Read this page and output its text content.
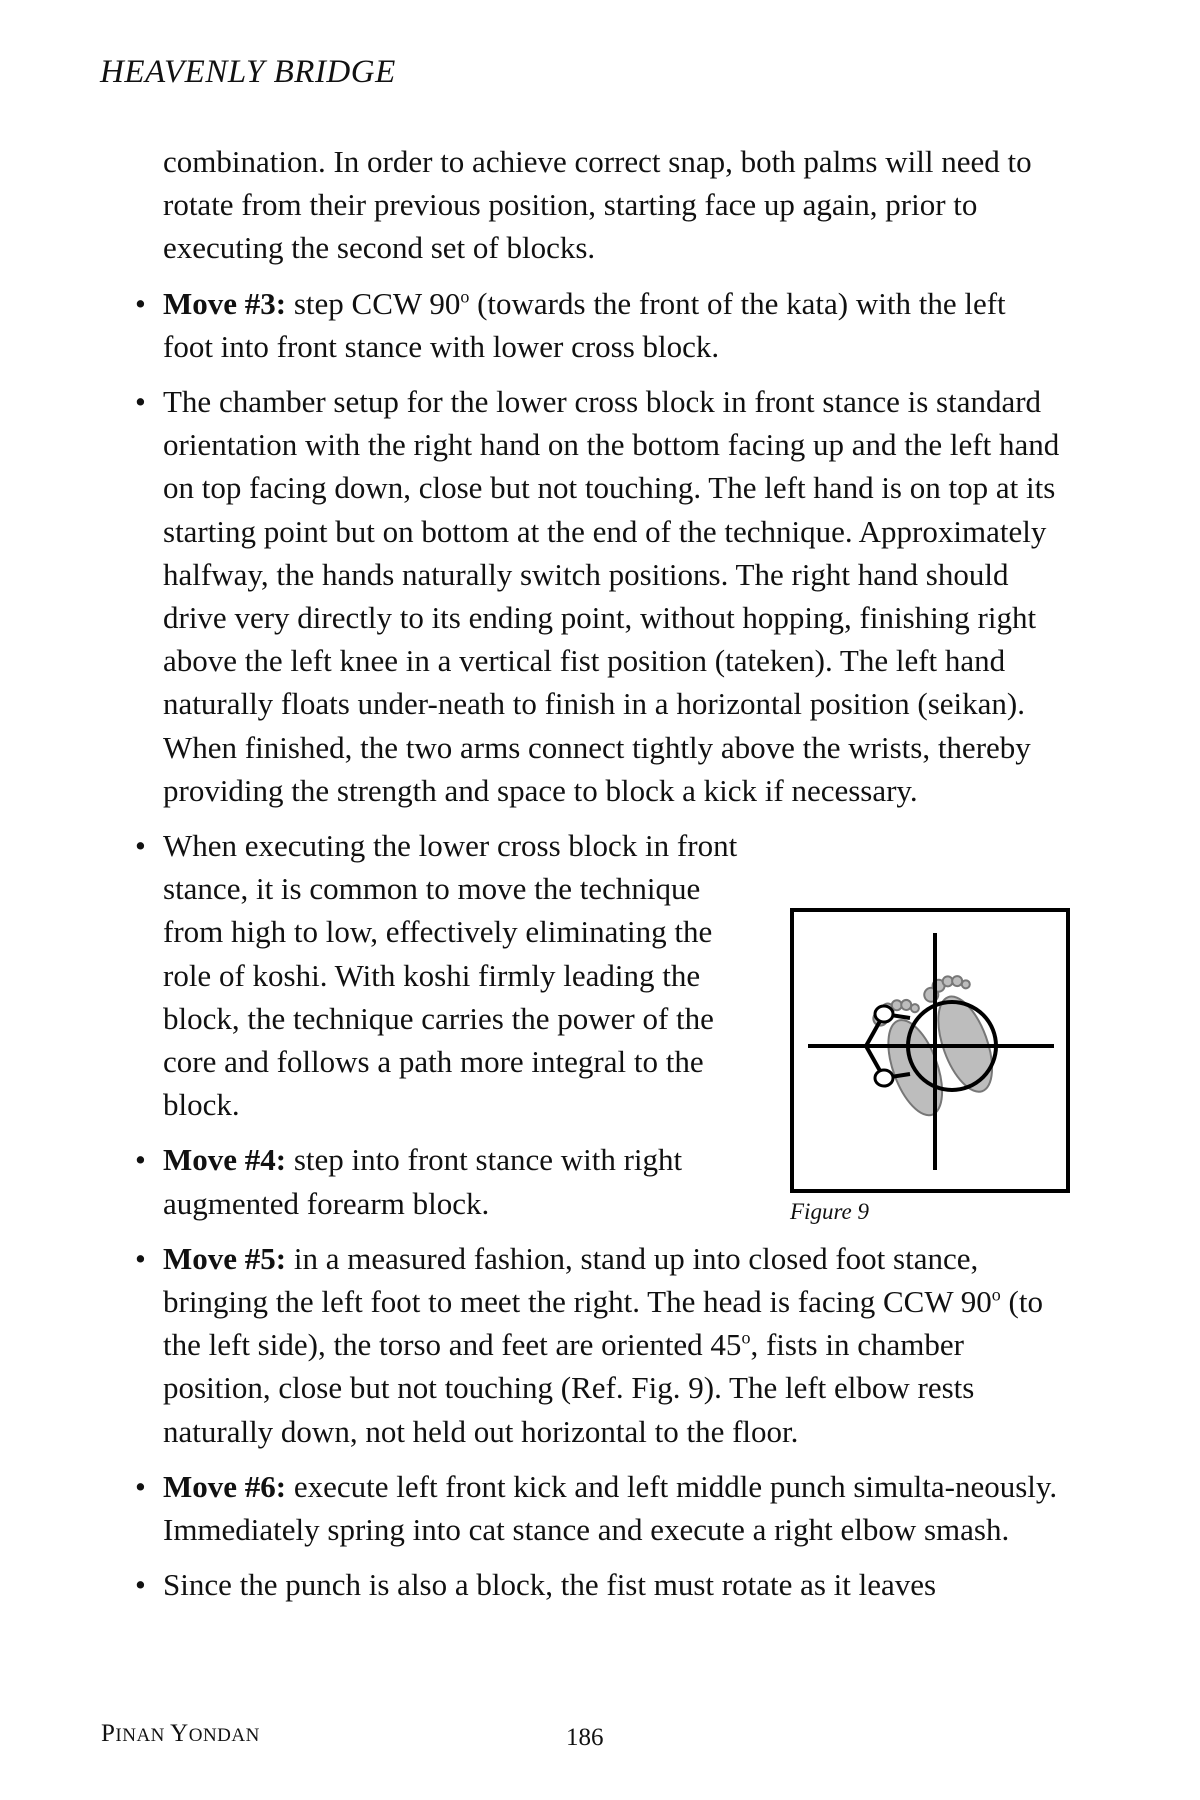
HEAVENLY BRIDGE

combination. In order to achieve correct snap, both palms will need to rotate from their previous position, starting face up again, prior to executing the second set of blocks.

• Move #3: step CCW 90$^o$ (towards the front of the kata) with the left foot into front stance with lower cross block.
• The chamber setup for the lower cross block in front stance is standard orientation with the right hand on the bottom facing up and the left hand on top facing down, close but not touching. The left hand is on top at its starting point but on bottom at the end of the technique. Approximately halfway, the hands naturally switch positions. The right hand should drive very directly to its ending point, without hopping, finishing right above the left knee in a vertical fist position (tateken). The left hand naturally floats under-neath to finish in a horizontal position (seikan). When finished, the two arms connect tightly above the wrists, thereby providing the strength and space to block a kick if necessary.
• When executing the lower cross block in front stance, it is common to move the technique from high to low, effectively eliminating the role of koshi. With koshi firmly leading the block, the technique carries the power of the core and follows a path more integral to the block.
• Move #4: step into front stance with right augmented forearm block.
• Move #5: in a measured fashion, stand up into closed foot stance, bringing the left foot to meet the right. The head is facing CCW 90$^o$ (to the left side), the torso and feet are oriented 45$^o$, fists in chamber position, close but not touching (Ref. Fig. 9). The left elbow rests naturally down, not held out horizontal to the floor.
• Move #6: execute left front kick and left middle punch simulta-neously. Immediately spring into cat stance and execute a right elbow smash.
• Since the punch is also a block, the fist must rotate as it leaves
Figure 9
PINAN YONDAN	186
